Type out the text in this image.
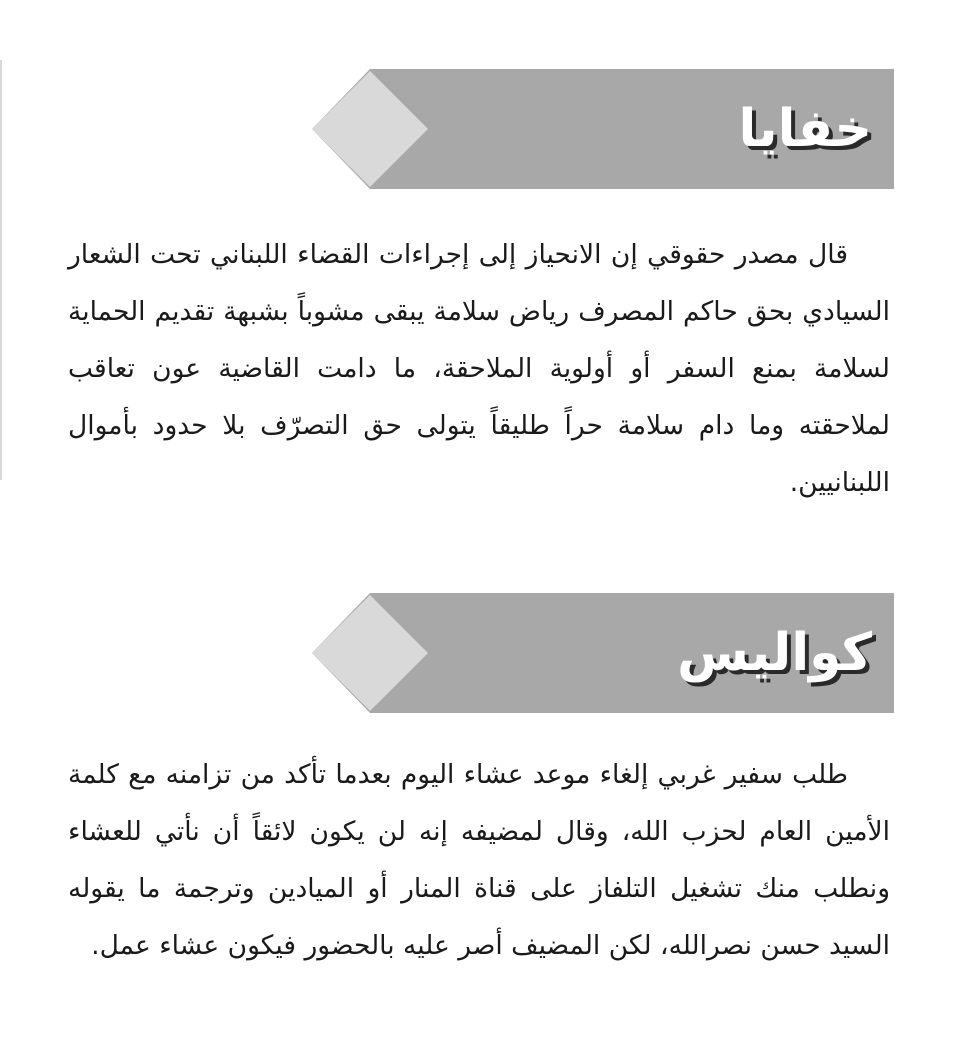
خفايا

قال مصدر حقوقي إن الانحياز إلى إجراءات القضاء اللبناني تحت الشعار السيادي بحق حاكم المصرف رياض سلامة يبقى مشوباً بشبهة تقديم الحماية لسلامة بمنع السفر أو أولوية الملاحقة، ما دامت القاضية عون تعاقب لملاحقته وما دام سلامة حراً طليقاً يتولى حق التصرّف بلا حدود بأموال اللبنانيين.

كواليس

طلب سفير غربي إلغاء موعد عشاء اليوم بعدما تأكد من تزامنه مع كلمة الأمين العام لحزب الله، وقال لمضيفه إنه لن يكون لائقاً أن نأتي للعشاء ونطلب منك تشغيل التلفاز على قناة المنار أو الميادين وترجمة ما يقوله السيد حسن نصرالله، لكن المضيف أصر عليه بالحضور فيكون عشاء عمل.
